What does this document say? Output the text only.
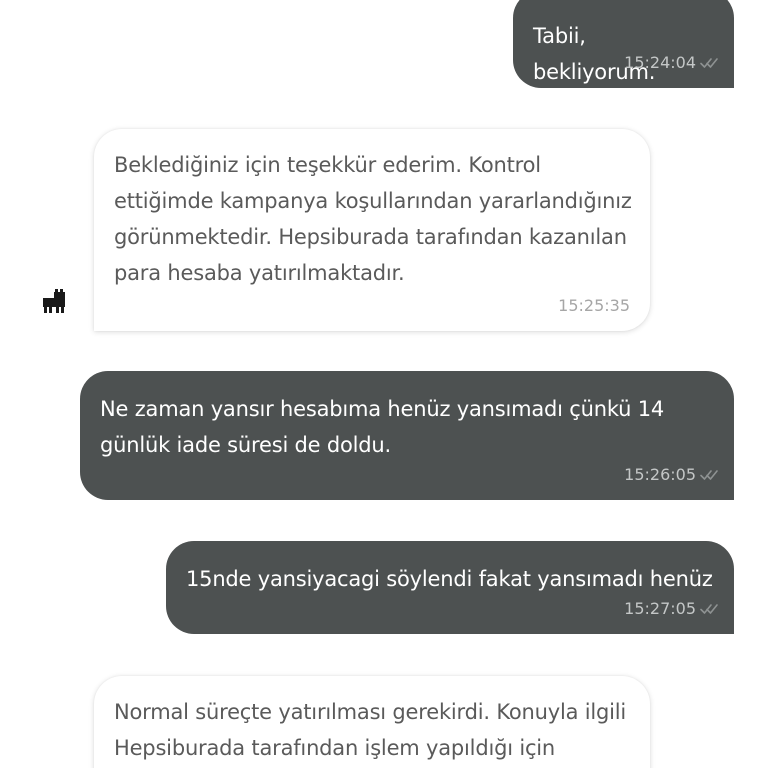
Tabii, bekliyorum.
15:24:04
Beklediğiniz için teşekkür ederim. Kontrol ettiğimde kampanya koşullarından yararlandığınız görünmektedir. Hepsiburada tarafından kazanılan para hesaba yatırılmaktadır.
15:25:35
Ne zaman yansır hesabıma henüz yansımadı çünkü 14 günlük iade süresi de doldu.
15:26:05
15nde yansiyacagi söylendi fakat yansımadı henüz
15:27:05
Normal süreçte yatırılması gerekirdi. Konuyla ilgili Hepsiburada tarafından işlem yapıldığı için
